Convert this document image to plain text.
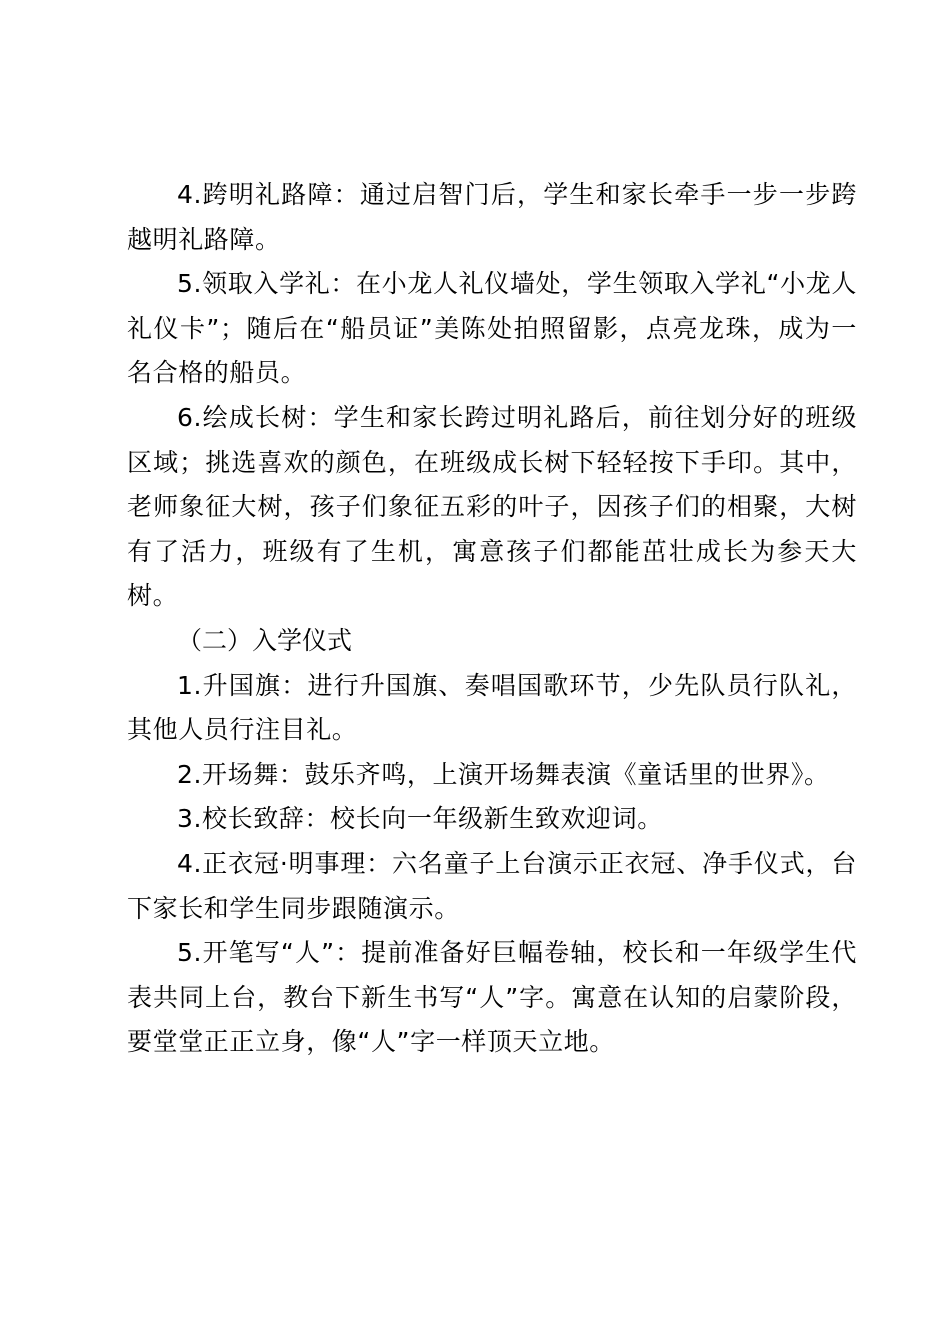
4.跨明礼路障：通过启智门后，学生和家长牵手一步一步跨越明礼路障。

5.领取入学礼：在小龙人礼仪墙处，学生领取入学礼“小龙人礼仪卡”；随后在“船员证”美陈处拍照留影，点亮龙珠，成为一名合格的船员。

6.绘成长树：学生和家长跨过明礼路后，前往划分好的班级区域；挑选喜欢的颜色，在班级成长树下轻轻按下手印。其中，老师象征大树，孩子们象征五彩的叶子，因孩子们的相聚，大树有了活力，班级有了生机，寓意孩子们都能茁壮成长为参天大树。

（二）入学仪式

1.升国旗：进行升国旗、奏唱国歌环节，少先队员行队礼，其他人员行注目礼。

2.开场舞：鼓乐齐鸣，上演开场舞表演《童话里的世界》。

3.校长致辞：校长向一年级新生致欢迎词。

4.正衣冠·明事理：六名童子上台演示正衣冠、净手仪式，台下家长和学生同步跟随演示。

5.开笔写“人”：提前准备好巨幅卷轴，校长和一年级学生代表共同上台，教台下新生书写“人”字。寓意在认知的启蒙阶段，要堂堂正正立身，像“人”字一样顶天立地。
